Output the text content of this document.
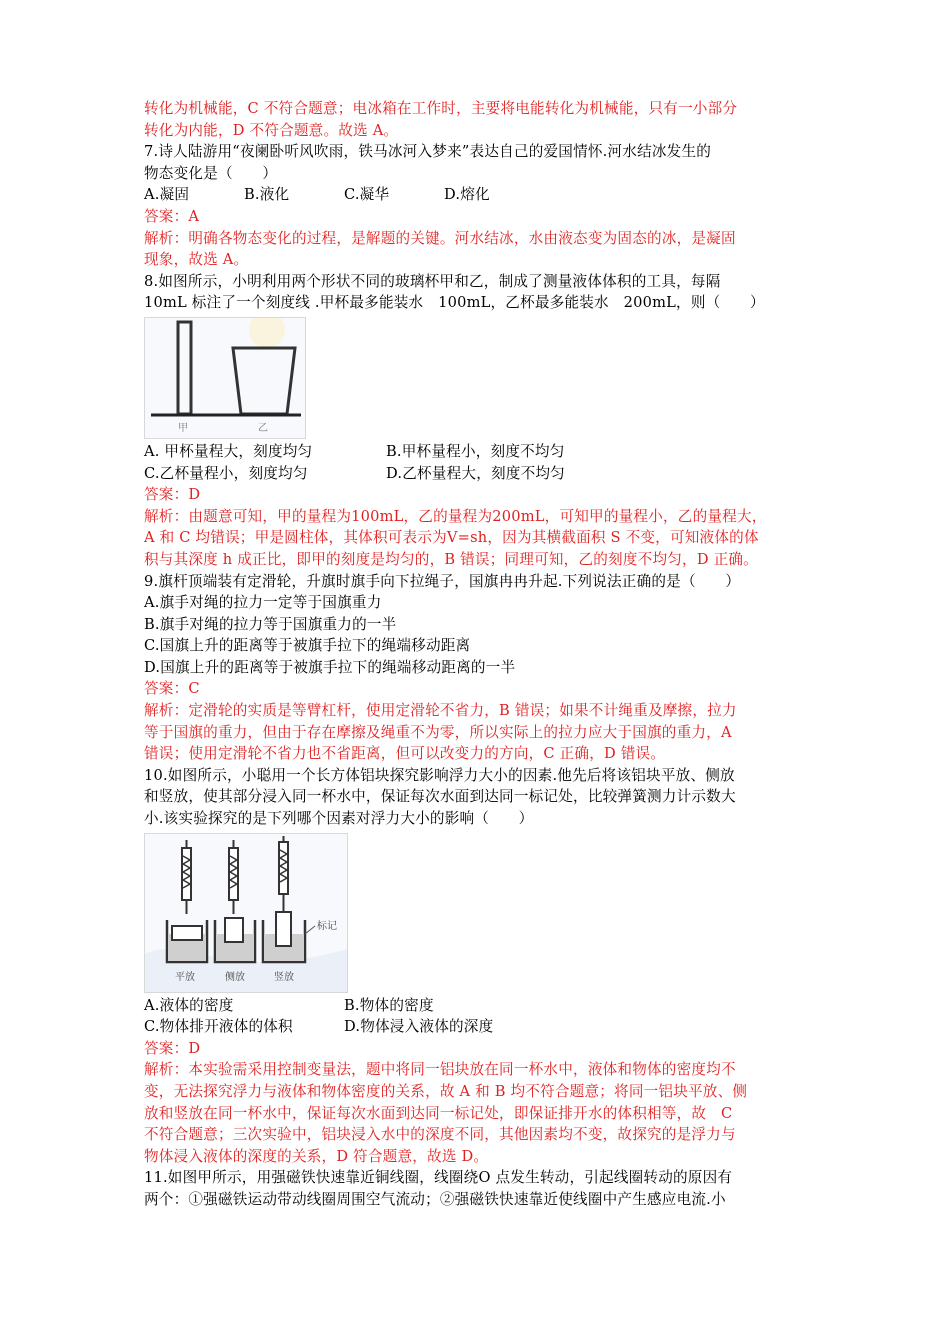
转化为机械能，C 不符合题意；电冰箱在工作时，主要将电能转化为机械能，只有一小部分
转化为内能，D 不符合题意。故选 A。
7.诗人陆游用“夜阑卧听风吹雨，铁马冰河入梦来”表达自己的爱国情怀.河水结冰发生的
物态变化是（　　）
A.凝固	B.液化	C.凝华	D.熔化
答案：A
解析：明确各物态变化的过程，是解题的关键。河水结冰，水由液态变为固态的冰，是凝固
现象，故选 A。
8.如图所示，小明利用两个形状不同的玻璃杯甲和乙，制成了测量液体体积的工具，每隔
10mL 标注了一个刻度线 .甲杯最多能装水　100mL，乙杯最多能装水　200mL，则（　　）
甲	乙
A. 甲杯量程大，刻度均匀	B.甲杯量程小，刻度不均匀
C.乙杯量程小，刻度均匀	D.乙杯量程大，刻度不均匀
答案：D
解析：由题意可知，甲的量程为100mL，乙的量程为200mL，可知甲的量程小，乙的量程大，
A 和 C 均错误；甲是圆柱体，其体积可表示为V=sh，因为其横截面积 S 不变，可知液体的体
积与其深度 h 成正比，即甲的刻度是均匀的，B 错误；同理可知，乙的刻度不均匀，D 正确。
9.旗杆顶端装有定滑轮，升旗时旗手向下拉绳子，国旗冉冉升起.下列说法正确的是（　　）
A.旗手对绳的拉力一定等于国旗重力
B.旗手对绳的拉力等于国旗重力的一半
C.国旗上升的距离等于被旗手拉下的绳端移动距离
D.国旗上升的距离等于被旗手拉下的绳端移动距离的一半
答案：C
解析：定滑轮的实质是等臂杠杆，使用定滑轮不省力，B 错误；如果不计绳重及摩擦，拉力
等于国旗的重力，但由于存在摩擦及绳重不为零，所以实际上的拉力应大于国旗的重力，A
错误；使用定滑轮不省力也不省距离，但可以改变力的方向，C 正确，D 错误。
10.如图所示，小聪用一个长方体铝块探究影响浮力大小的因素.他先后将该铝块平放、侧放
和竖放，使其部分浸入同一杯水中，保证每次水面到达同一标记处，比较弹簧测力计示数大
小.该实验探究的是下列哪个因素对浮力大小的影响（　　）
标记
平放	侧放	竖放
A.液体的密度	B.物体的密度
C.物体排开液体的体积	D.物体浸入液体的深度
答案：D
解析：本实验需采用控制变量法，题中将同一铝块放在同一杯水中，液体和物体的密度均不
变，无法探究浮力与液体和物体密度的关系，故 A 和 B 均不符合题意；将同一铝块平放、侧
放和竖放在同一杯水中，保证每次水面到达同一标记处，即保证排开水的体积相等，故　C
不符合题意；三次实验中，铝块浸入水中的深度不同，其他因素均不变，故探究的是浮力与
物体浸入液体的深度的关系，D 符合题意，故选 D。
11.如图甲所示，用强磁铁快速靠近铜线圈，线圈绕O 点发生转动，引起线圈转动的原因有
两个：①强磁铁运动带动线圈周围空气流动；②强磁铁快速靠近使线圈中产生感应电流.小
